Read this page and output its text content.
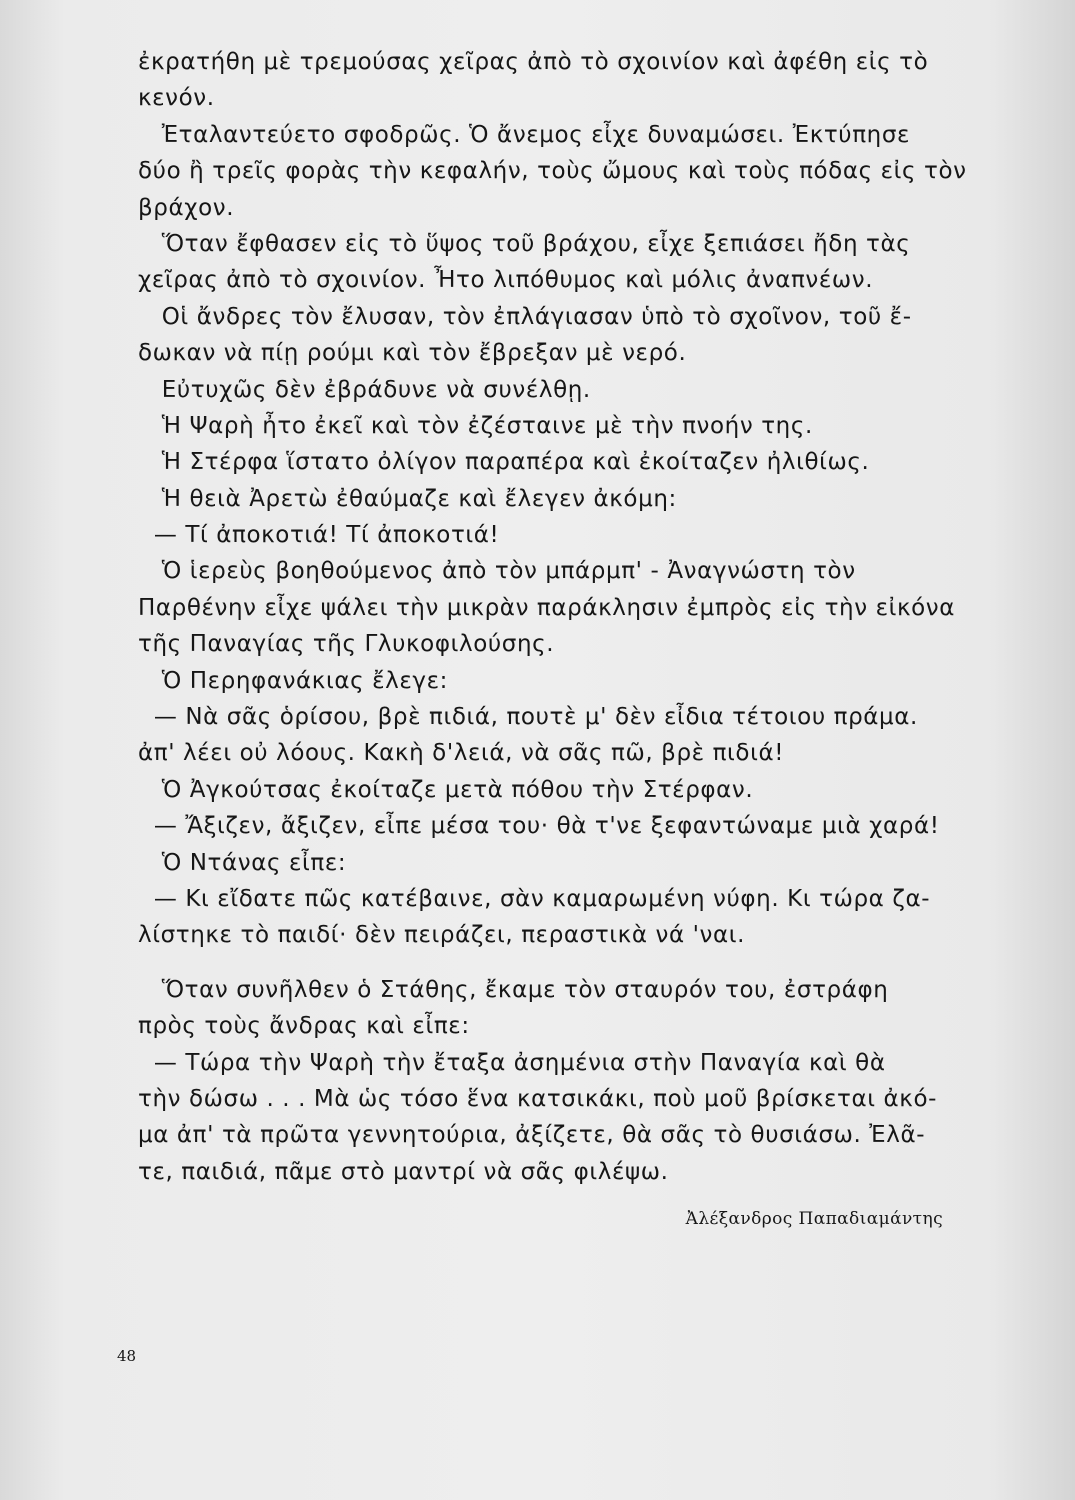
ἐκρατήθη μὲ τρεμούσας χεῖρας ἀπὸ τὸ σχοινίον καὶ ἀφέθη εἰς τὸ
κενόν.
Ἐταλαντεύετο σφοδρῶς. Ὁ ἄνεμος εἶχε δυναμώσει. Ἐκτύπησε
δύο ἢ τρεῖς φορὰς τὴν κεφαλήν, τοὺς ὤμους καὶ τοὺς πόδας εἰς τὸν
βράχον.
Ὅταν ἔφθασεν εἰς τὸ ὕψος τοῦ βράχου, εἶχε ξεπιάσει ἤδη τὰς
χεῖρας ἀπὸ τὸ σχοινίον. Ἦτο λιπόθυμος καὶ μόλις ἀναπνέων.
Οἱ ἄνδρες τὸν ἔλυσαν, τὸν ἐπλάγιασαν ὑπὸ τὸ σχοῖνον, τοῦ ἔ-
δωκαν νὰ πίῃ ρούμι καὶ τὸν ἔβρεξαν μὲ νερό.
Εὐτυχῶς δὲν ἐβράδυνε νὰ συνέλθῃ.
Ἡ Ψαρὴ ἦτο ἐκεῖ καὶ τὸν ἐζέσταινε μὲ τὴν πνοήν της.
Ἡ Στέρφα ἵστατο ὀλίγον παραπέρα καὶ ἐκοίταζεν ἠλιθίως.
Ἡ θειὰ Ἀρετὼ ἐθαύμαζε καὶ ἔλεγεν ἀκόμη:
— Τί ἀποκοτιά! Τί ἀποκοτιά!
Ὁ ἱερεὺς βοηθούμενος ἀπὸ τὸν μπάρμπ' - Ἀναγνώστη τὸν
Παρθένην εἶχε ψάλει τὴν μικρὰν παράκλησιν ἐμπρὸς εἰς τὴν εἰκόνα
τῆς Παναγίας τῆς Γλυκοφιλούσης.
Ὁ Περηφανάκιας ἔλεγε:
— Νὰ σᾶς ὁρίσου, βρὲ πιδιά, πουτὲ μ' δὲν εἶδια τέτοιου πράμα.
ἀπ' λέει οὐ λόους. Κακὴ δ'λειά, νὰ σᾶς πῶ, βρὲ πιδιά!
Ὁ Ἀγκούτσας ἐκοίταζε μετὰ πόθου τὴν Στέρφαν.
— Ἄξιζεν, ἄξιζεν, εἶπε μέσα του· θὰ τ'νε ξεφαντώναμε μιὰ χαρά!
Ὁ Ντάνας εἶπε:
— Κι εἴδατε πῶς κατέβαινε, σὰν καμαρωμένη νύφη. Κι τώρα ζα-
λίστηκε τὸ παιδί· δὲν πειράζει, περαστικὰ νά 'ναι.
Ὅταν συνῆλθεν ὁ Στάθης, ἔκαμε τὸν σταυρόν του, ἐστράφη
πρὸς τοὺς ἄνδρας καὶ εἶπε:
— Τώρα τὴν Ψαρὴ τὴν ἔταξα ἀσημένια στὴν Παναγία καὶ θὰ
τὴν δώσω . . . Μὰ ὡς τόσο ἕνα κατσικάκι, ποὺ μοῦ βρίσκεται ἀκό-
μα ἀπ' τὰ πρῶτα γεννητούρια, ἀξίζετε, θὰ σᾶς τὸ θυσιάσω. Ἐλᾶ-
τε, παιδιά, πᾶμε στὸ μαντρί νὰ σᾶς φιλέψω.
Ἀλέξανδρος Παπαδιαμάντης
48
